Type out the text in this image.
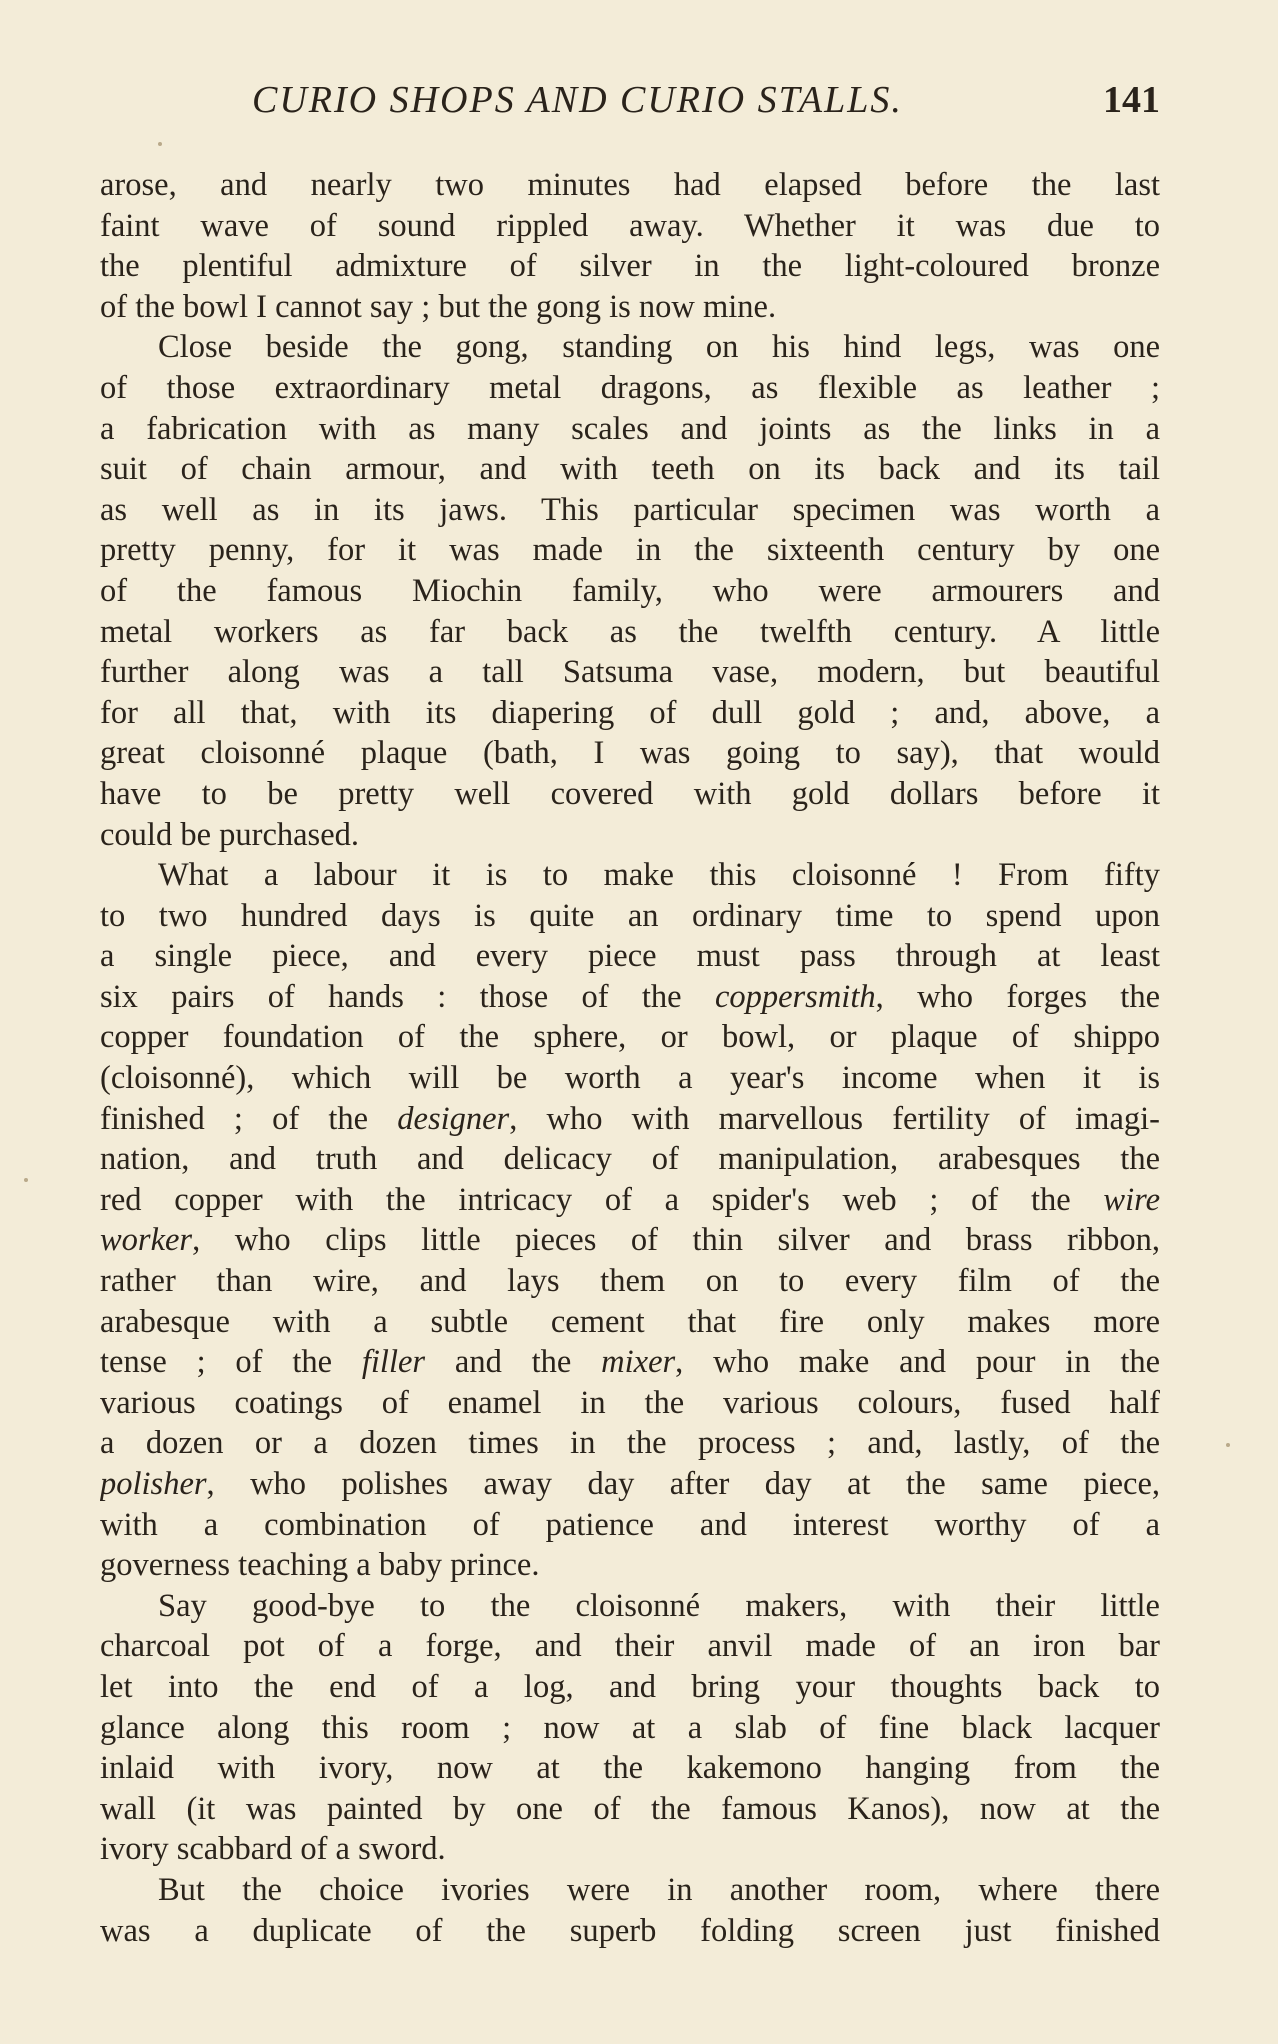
CURIO SHOPS AND CURIO STALLS.	141
arose, and nearly two minutes had elapsed before the last
faint wave of sound rippled away. Whether it was due to
the plentiful admixture of silver in the light-coloured bronze
of the bowl I cannot say ; but the gong is now mine.
Close beside the gong, standing on his hind legs, was one
of those extraordinary metal dragons, as flexible as leather ;
a fabrication with as many scales and joints as the links in a
suit of chain armour, and with teeth on its back and its tail
as well as in its jaws. This particular specimen was worth a
pretty penny, for it was made in the sixteenth century by one
of the famous Miochin family, who were armourers and
metal workers as far back as the twelfth century. A little
further along was a tall Satsuma vase, modern, but beautiful
for all that, with its diapering of dull gold ; and, above, a
great cloisonné plaque (bath, I was going to say), that would
have to be pretty well covered with gold dollars before it
could be purchased.
What a labour it is to make this cloisonné ! From fifty
to two hundred days is quite an ordinary time to spend upon
a single piece, and every piece must pass through at least
six pairs of hands : those of the coppersmith, who forges the
copper foundation of the sphere, or bowl, or plaque of shippo
(cloisonné), which will be worth a year's income when it is
finished ; of the designer, who with marvellous fertility of imagi-
nation, and truth and delicacy of manipulation, arabesques the
red copper with the intricacy of a spider's web ; of the wire
worker, who clips little pieces of thin silver and brass ribbon,
rather than wire, and lays them on to every film of the
arabesque with a subtle cement that fire only makes more
tense ; of the filler and the mixer, who make and pour in the
various coatings of enamel in the various colours, fused half
a dozen or a dozen times in the process ; and, lastly, of the
polisher, who polishes away day after day at the same piece,
with a combination of patience and interest worthy of a
governess teaching a baby prince.
Say good-bye to the cloisonné makers, with their little
charcoal pot of a forge, and their anvil made of an iron bar
let into the end of a log, and bring your thoughts back to
glance along this room ; now at a slab of fine black lacquer
inlaid with ivory, now at the kakemono hanging from the
wall (it was painted by one of the famous Kanos), now at the
ivory scabbard of a sword.
But the choice ivories were in another room, where there
was a duplicate of the superb folding screen just finished
